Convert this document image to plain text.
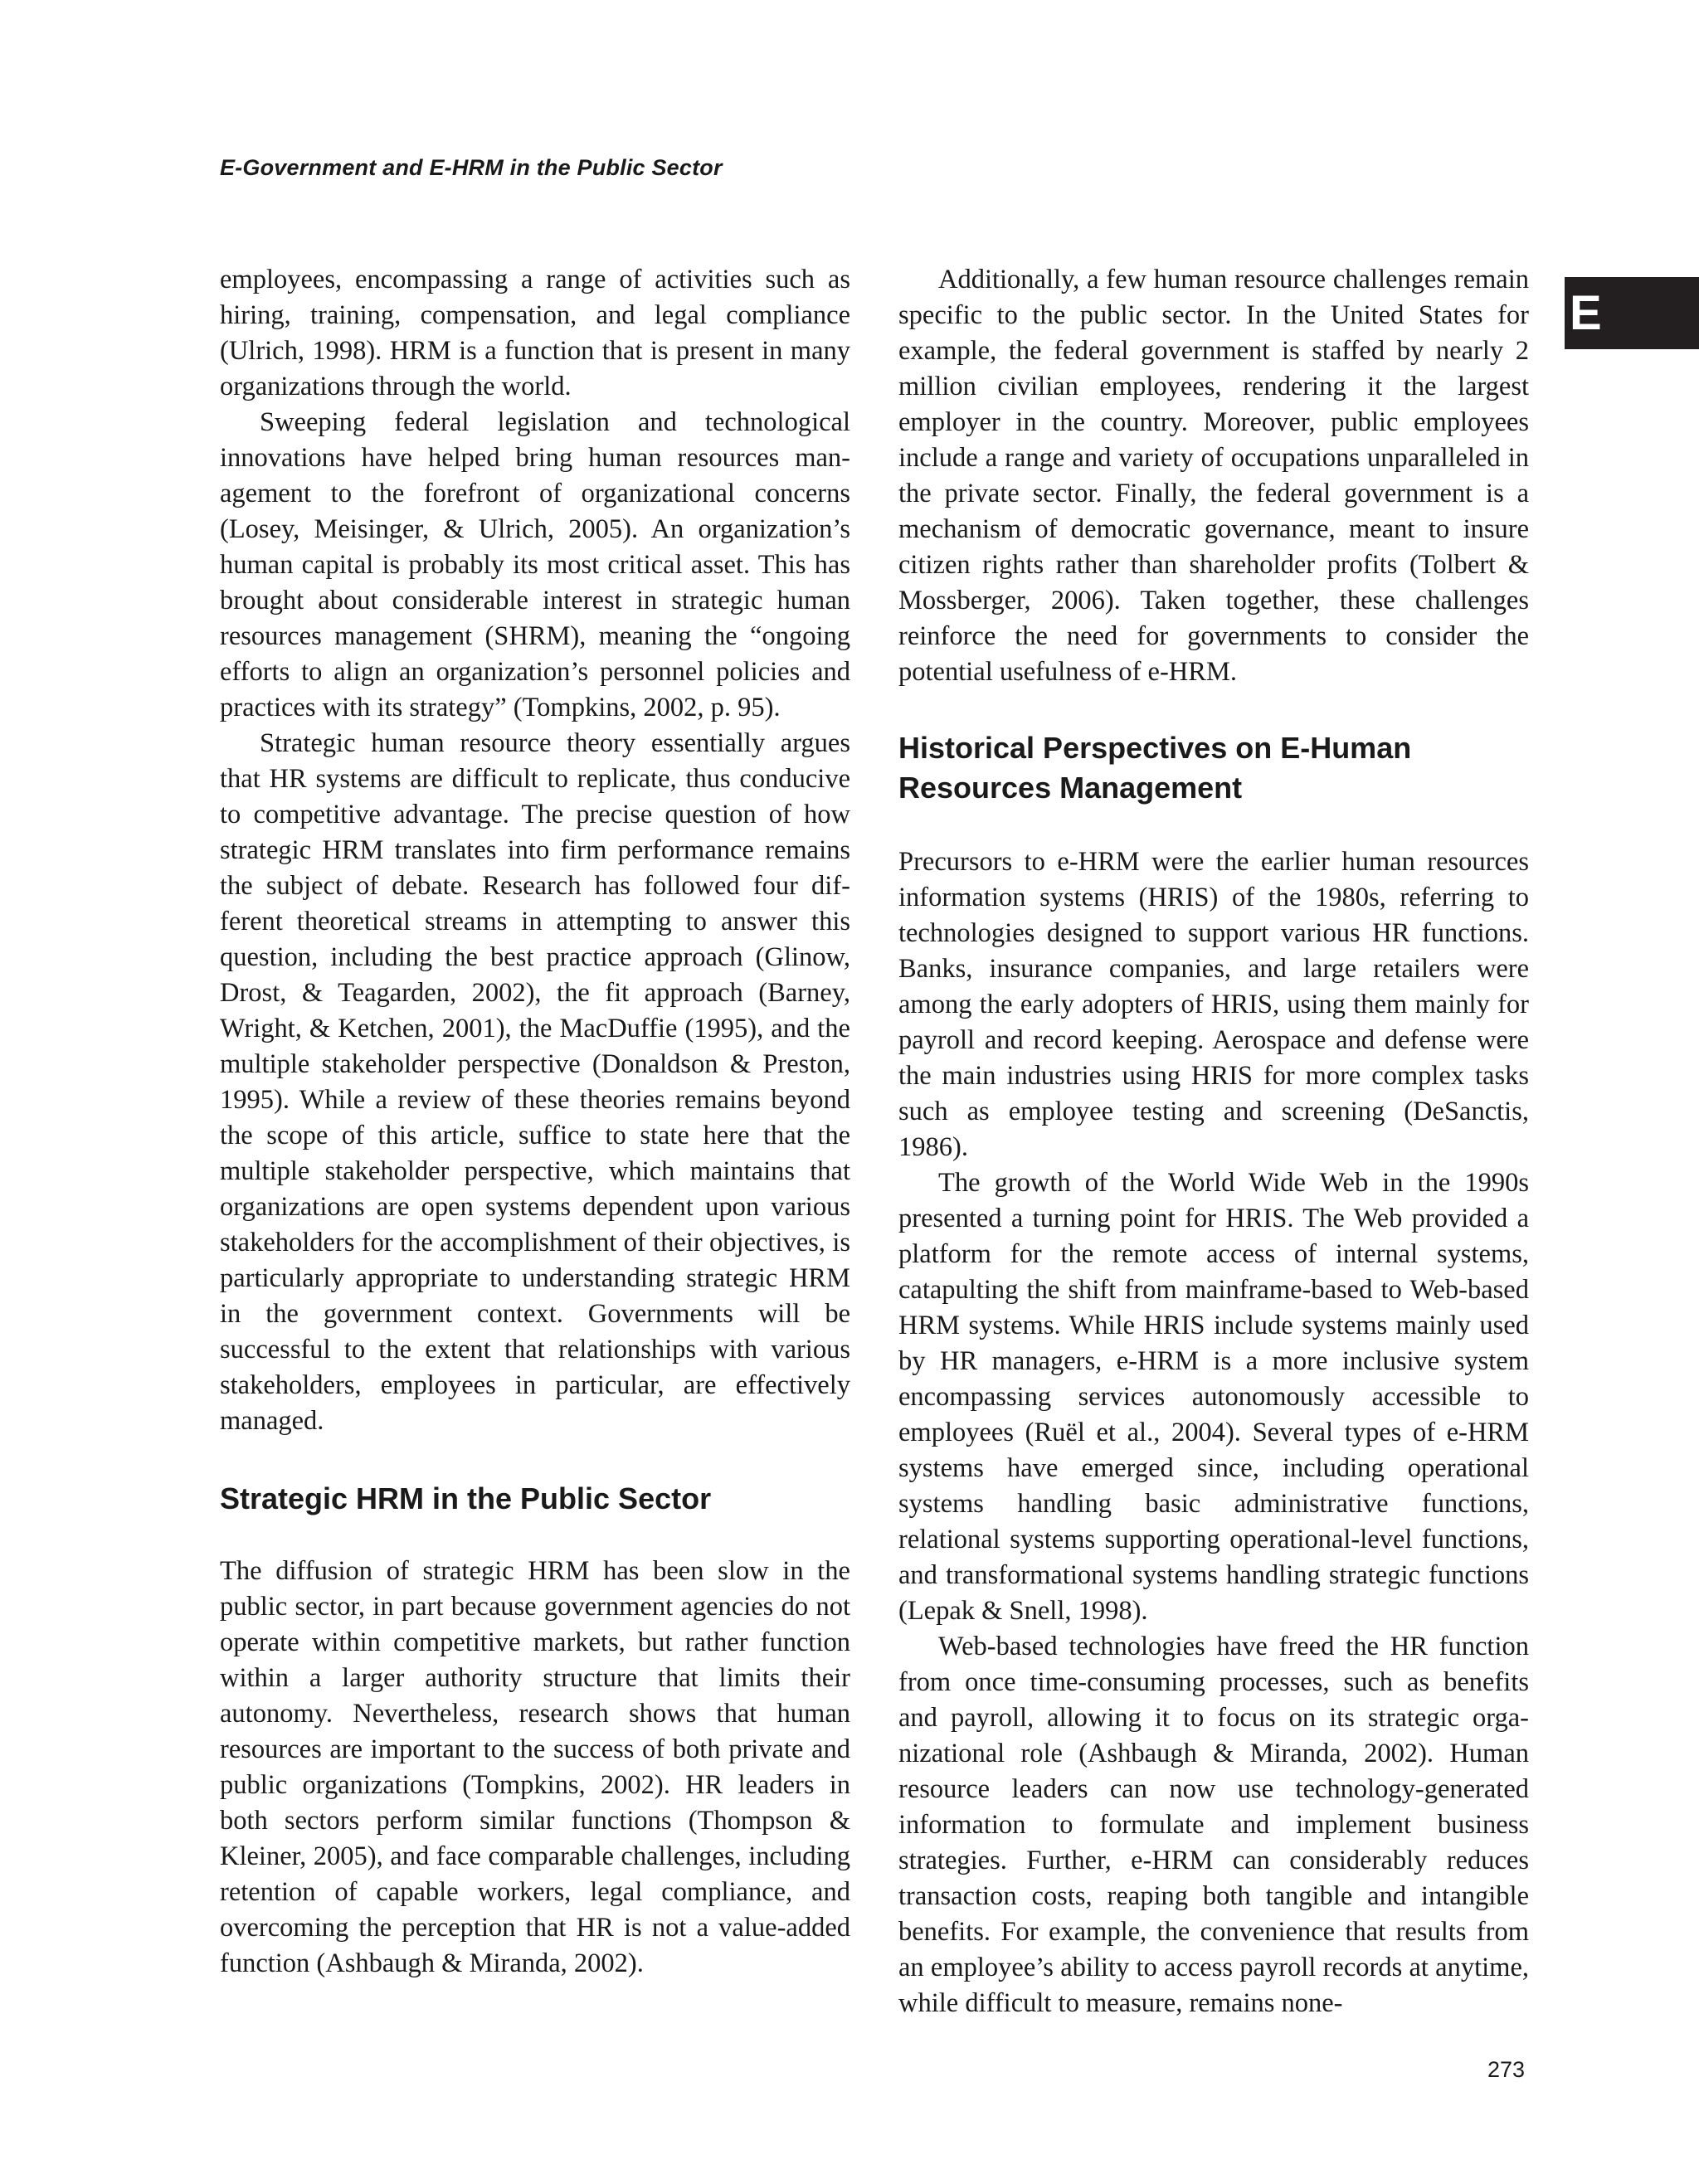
E-Government and E-HRM in the Public Sector

E

employees, encompassing a range of activities such as hiring, training, compensation, and legal compliance (Ulrich, 1998). HRM is a function that is present in many organizations through the world.

Sweeping federal legislation and technological innovations have helped bring human resources management to the forefront of organizational concerns (Losey, Meisinger, & Ulrich, 2005). An organization’s human capital is probably its most critical asset. This has brought about considerable interest in strategic human resources management (SHRM), meaning the “ongoing efforts to align an organization’s personnel policies and practices with its strategy” (Tompkins, 2002, p. 95).

Strategic human resource theory essentially argues that HR systems are difficult to replicate, thus conducive to competitive advantage. The precise question of how strategic HRM translates into firm performance remains the subject of debate. Research has followed four different theoretical streams in attempting to answer this question, including the best practice approach (Glinow, Drost, & Teagarden, 2002), the fit approach (Barney, Wright, & Ketchen, 2001), the MacDuffie (1995), and the multiple stakeholder perspective (Donaldson & Preston, 1995). While a review of these theories remains beyond the scope of this article, suffice to state here that the multiple stakeholder perspective, which maintains that organizations are open systems dependent upon various stakeholders for the accomplishment of their objectives, is particularly appropriate to understanding strategic HRM in the government context. Governments will be successful to the extent that relationships with various stakeholders, employees in particular, are effectively managed.

Strategic HRM in the Public Sector

The diffusion of strategic HRM has been slow in the public sector, in part because government agencies do not operate within competitive markets, but rather function within a larger authority structure that limits their autonomy. Nevertheless, research shows that human resources are important to the success of both private and public organizations (Tompkins, 2002). HR leaders in both sectors perform similar functions (Thompson & Kleiner, 2005), and face comparable challenges, including retention of capable workers, legal compliance, and overcoming the perception that HR is not a value-added function (Ashbaugh & Miranda, 2002).

Additionally, a few human resource challenges remain specific to the public sector. In the United States for example, the federal government is staffed by nearly 2 million civilian employees, rendering it the largest employer in the country. Moreover, public employees include a range and variety of occupations unparalleled in the private sector. Finally, the federal government is a mechanism of democratic governance, meant to insure citizen rights rather than shareholder profits (Tolbert & Mossberger, 2006). Taken together, these challenges reinforce the need for governments to consider the potential usefulness of e-HRM.

Historical Perspectives on E-Human Resources Management

Precursors to e-HRM were the earlier human resources information systems (HRIS) of the 1980s, referring to technologies designed to support various HR functions. Banks, insurance companies, and large retailers were among the early adopters of HRIS, using them mainly for payroll and record keeping. Aerospace and defense were the main industries using HRIS for more complex tasks such as employee testing and screening (DeSanctis, 1986).

The growth of the World Wide Web in the 1990s presented a turning point for HRIS. The Web provided a platform for the remote access of internal systems, catapulting the shift from mainframe-based to Web-based HRM systems. While HRIS include systems mainly used by HR managers, e-HRM is a more inclusive system encompassing services autonomously accessible to employees (Ruël et al., 2004). Several types of e-HRM systems have emerged since, including operational systems handling basic administrative functions, relational systems supporting operational-level functions, and transformational systems handling strategic functions (Lepak & Snell, 1998).

Web-based technologies have freed the HR function from once time-consuming processes, such as benefits and payroll, allowing it to focus on its strategic organizational role (Ashbaugh & Miranda, 2002). Human resource leaders can now use technology-generated information to formulate and implement business strategies. Further, e-HRM can considerably reduces transaction costs, reaping both tangible and intangible benefits. For example, the convenience that results from an employee’s ability to access payroll records at anytime, while difficult to measure, remains none-

273
